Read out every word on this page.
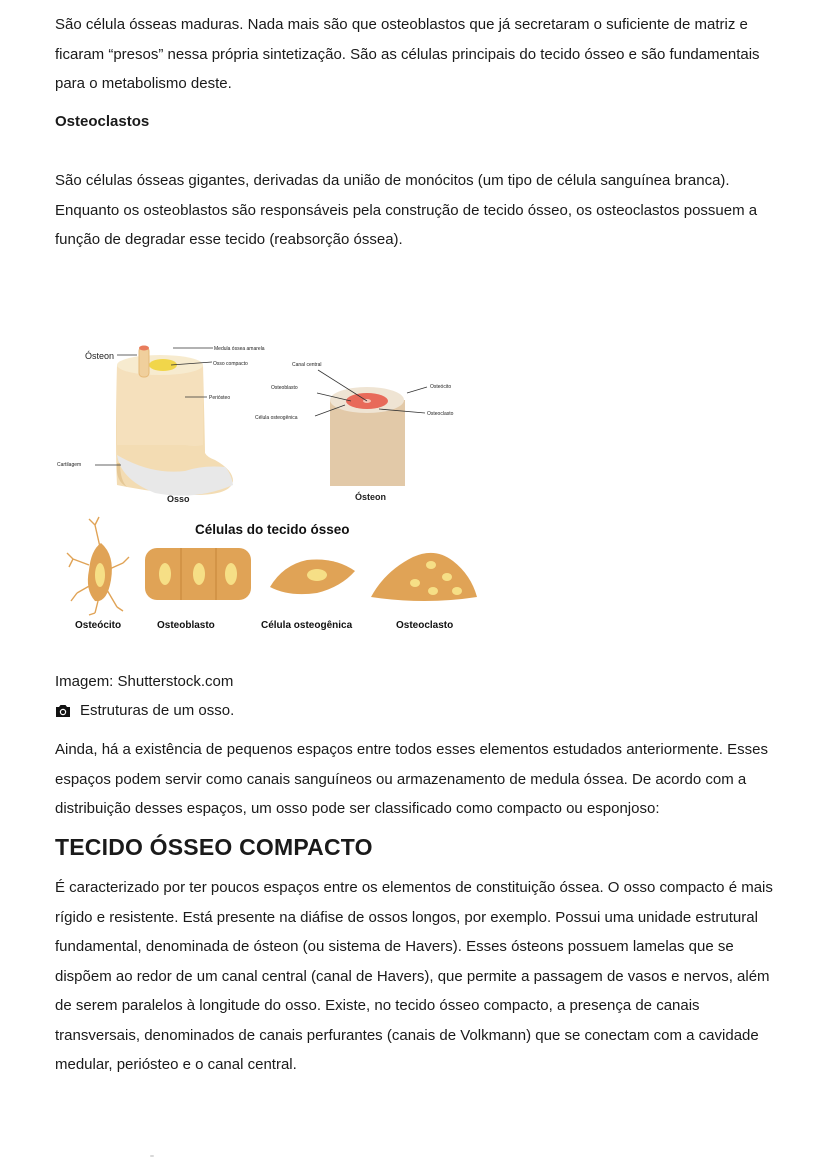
São célula ósseas maduras. Nada mais são que osteoblastos que já secretaram o suficiente de matriz e ficaram “presos” nessa própria sintetização. São as células principais do tecido ósseo e são fundamentais para o metabolismo deste.

Osteoclastos

São células ósseas gigantes, derivadas da união de monócitos (um tipo de célula sanguínea branca). Enquanto os osteoblastos são responsáveis pela construção de tecido ósseo, os osteoclastos possuem a função de degradar esse tecido (reabsorção óssea).

Ósteon
Medula óssea amarela
Osso compacto
Periósteo
Cartilagem
Osso
Canal central
Osteoblasto
Célula osteogênica
Osteócito
Osteoclasto
Ósteon
Células do tecido ósseo
Osteócito	Osteoblasto	Célula osteogênica	Osteoclasto

Imagem: Shutterstock.com

Estruturas de um osso.

Ainda, há a existência de pequenos espaços entre todos esses elementos estudados anteriormente. Esses espaços podem servir como canais sanguíneos ou armazenamento de medula óssea. De acordo com a distribuição desses espaços, um osso pode ser classificado como compacto ou esponjoso:

TECIDO ÓSSEO COMPACTO

É caracterizado por ter poucos espaços entre os elementos de constituição óssea. O osso compacto é mais rígido e resistente. Está presente na diáfise de ossos longos, por exemplo. Possui uma unidade estrutural fundamental, denominada de ósteon (ou sistema de Havers). Esses ósteons possuem lamelas que se dispõem ao redor de um canal central (canal de Havers), que permite a passagem de vasos e nervos, além de serem paralelos à longitude do osso. Existe, no tecido ósseo compacto, a presença de canais transversais, denominados de canais perfurantes (canais de Volkmann) que se conectam com a cavidade medular, periósteo e o canal central.
